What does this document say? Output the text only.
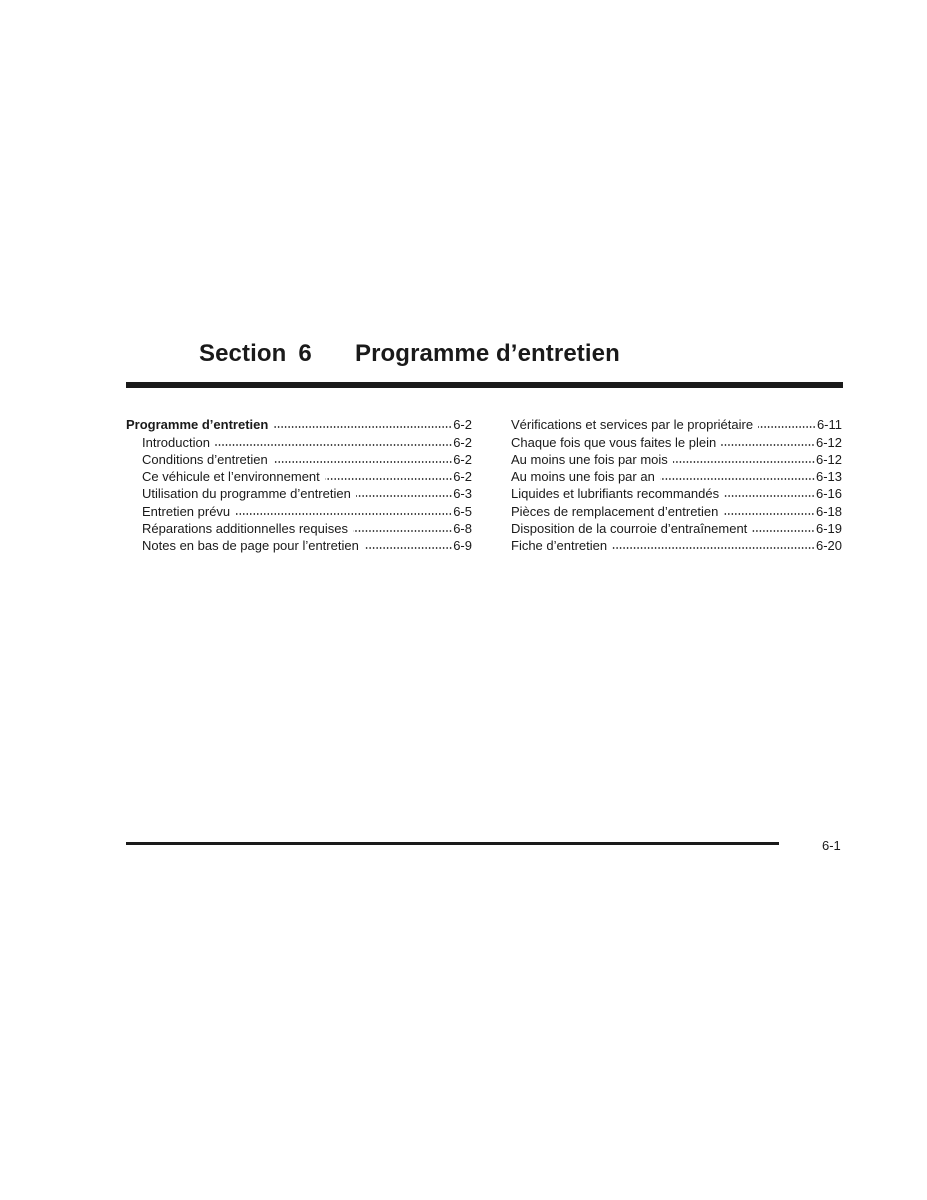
Section 6 Programme d’entretien
Programme d’entretien	6-2
Introduction	6-2
Conditions d’entretien	6-2
Ce véhicule et l’environnement	6-2
Utilisation du programme d’entretien	6-3
Entretien prévu	6-5
Réparations additionnelles requises	6-8
Notes en bas de page pour l’entretien	6-9
Vérifications et services par le propriétaire	6-11
Chaque fois que vous faites le plein	6-12
Au moins une fois par mois	6-12
Au moins une fois par an	6-13
Liquides et lubrifiants recommandés	6-16
Pièces de remplacement d’entretien	6-18
Disposition de la courroie d’entraînement	6-19
Fiche d’entretien	6-20
6-1
